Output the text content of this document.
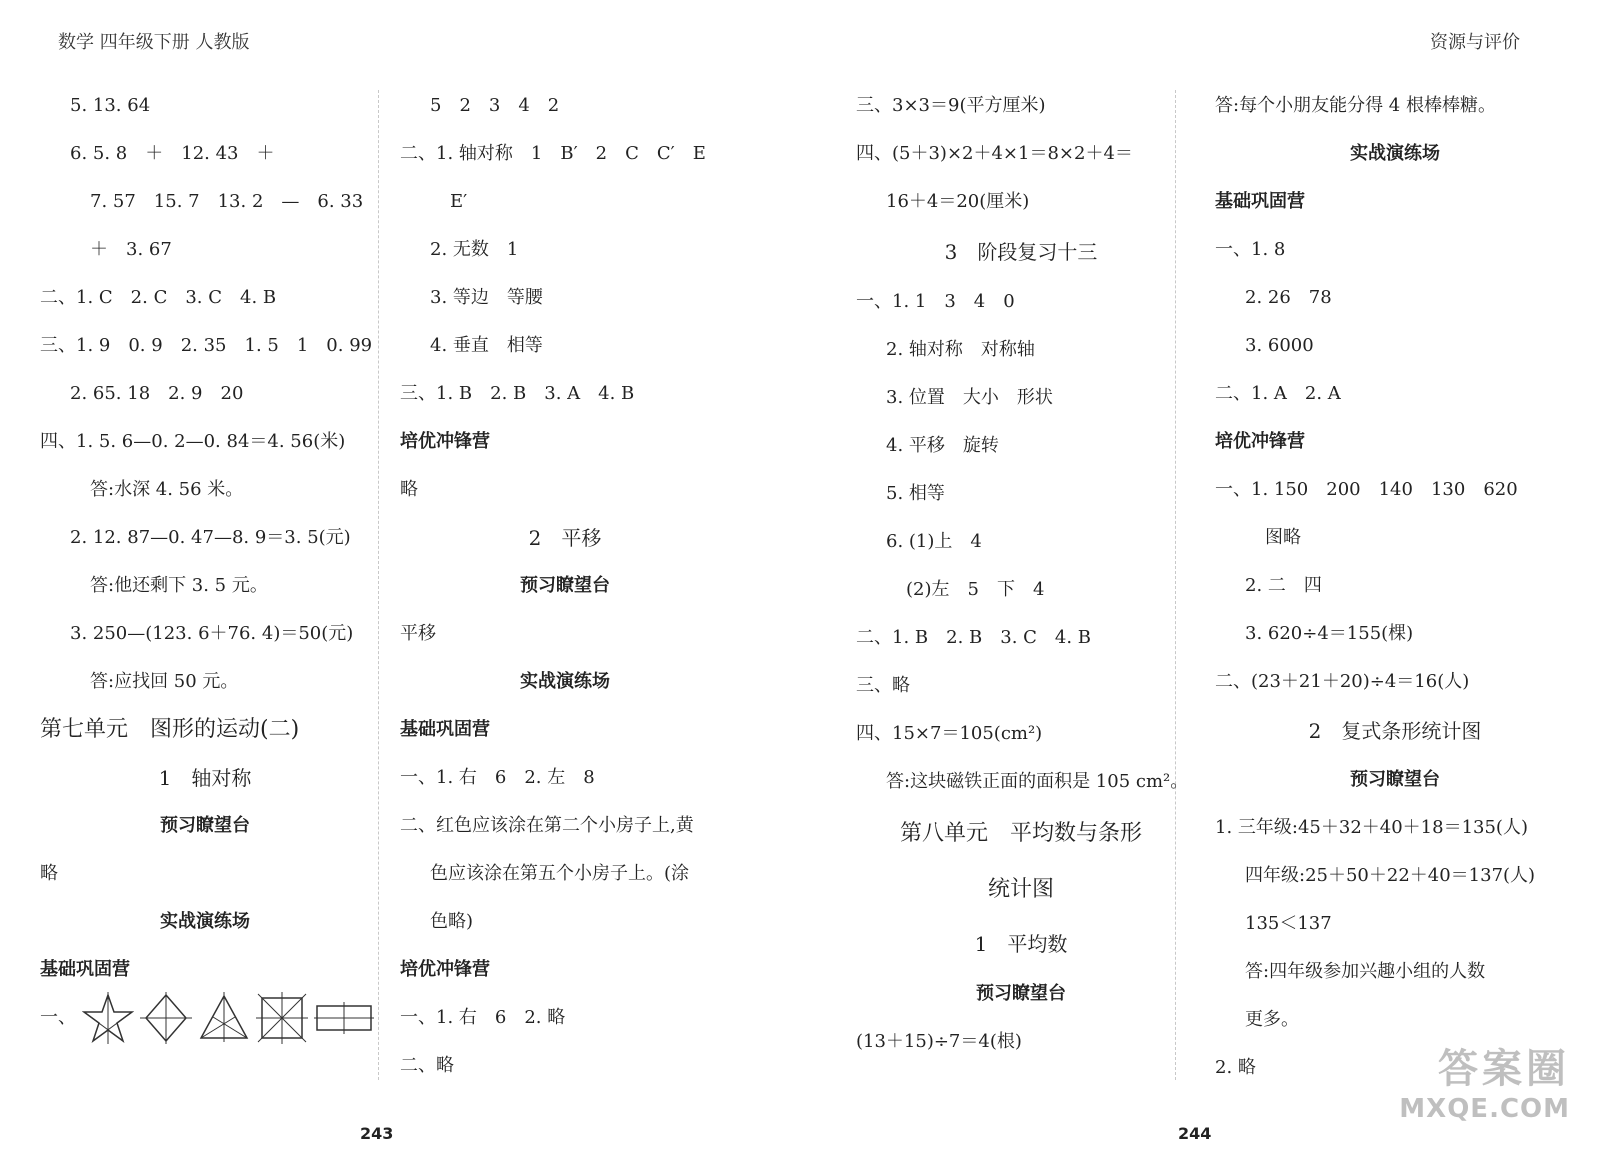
数学 四年级下册 人教版	资源与评价
5. 13. 64
6. 5. 8　＋　12. 43　＋
7. 57　15. 7　13. 2　—　6. 33
＋　3. 67
二、1. C　2. C　3. C　4. B
三、1. 9　0. 9　2. 35　1. 5　1　0. 99
2. 65. 18　2. 9　20
四、1. 5. 6—0. 2—0. 84＝4. 56(米)
答:水深 4. 56 米。
2. 12. 87—0. 47—8. 9＝3. 5(元)
答:他还剩下 3. 5 元。
3. 250—(123. 6＋76. 4)＝50(元)
答:应找回 50 元。
第七单元　图形的运动(二)
1　轴对称
预习瞭望台
略
实战演练场
基础巩固营
一、
5　2　3　4　2
二、1. 轴对称　1　B′　2　C　C′　E
E′
2. 无数　1
3. 等边　等腰
4. 垂直　相等
三、1. B　2. B　3. A　4. B
培优冲锋营
略
2　平移
预习瞭望台
平移
实战演练场
基础巩固营
一、1. 右　6　2. 左　8
二、红色应该涂在第二个小房子上,黄
色应该涂在第五个小房子上。(涂
色略)
培优冲锋营
一、1. 右　6　2. 略
二、略
三、3×3＝9(平方厘米)
四、(5＋3)×2＋4×1＝8×2＋4＝
16＋4＝20(厘米)
3　阶段复习十三
一、1. 1　3　4　0
2. 轴对称　对称轴
3. 位置　大小　形状
4. 平移　旋转
5. 相等
6. (1)上　4
(2)左　5　下　4
二、1. B　2. B　3. C　4. B
三、略
四、15×7＝105(cm²)
答:这块磁铁正面的面积是 105 cm²。
第八单元　平均数与条形
统计图
1　平均数
预习瞭望台
(13＋15)÷7＝4(根)
答:每个小朋友能分得 4 根棒棒糖。
实战演练场
基础巩固营
一、1. 8
2. 26　78
3. 6000
二、1. A　2. A
培优冲锋营
一、1. 150　200　140　130　620
图略
2. 二　四
3. 620÷4＝155(棵)
二、(23＋21＋20)÷4＝16(人)
2　复式条形统计图
预习瞭望台
1. 三年级:45＋32＋40＋18＝135(人)
四年级:25＋50＋22＋40＝137(人)
135＜137
答:四年级参加兴趣小组的人数
更多。
2. 略
243	244
答案圈
MXQE.COM
